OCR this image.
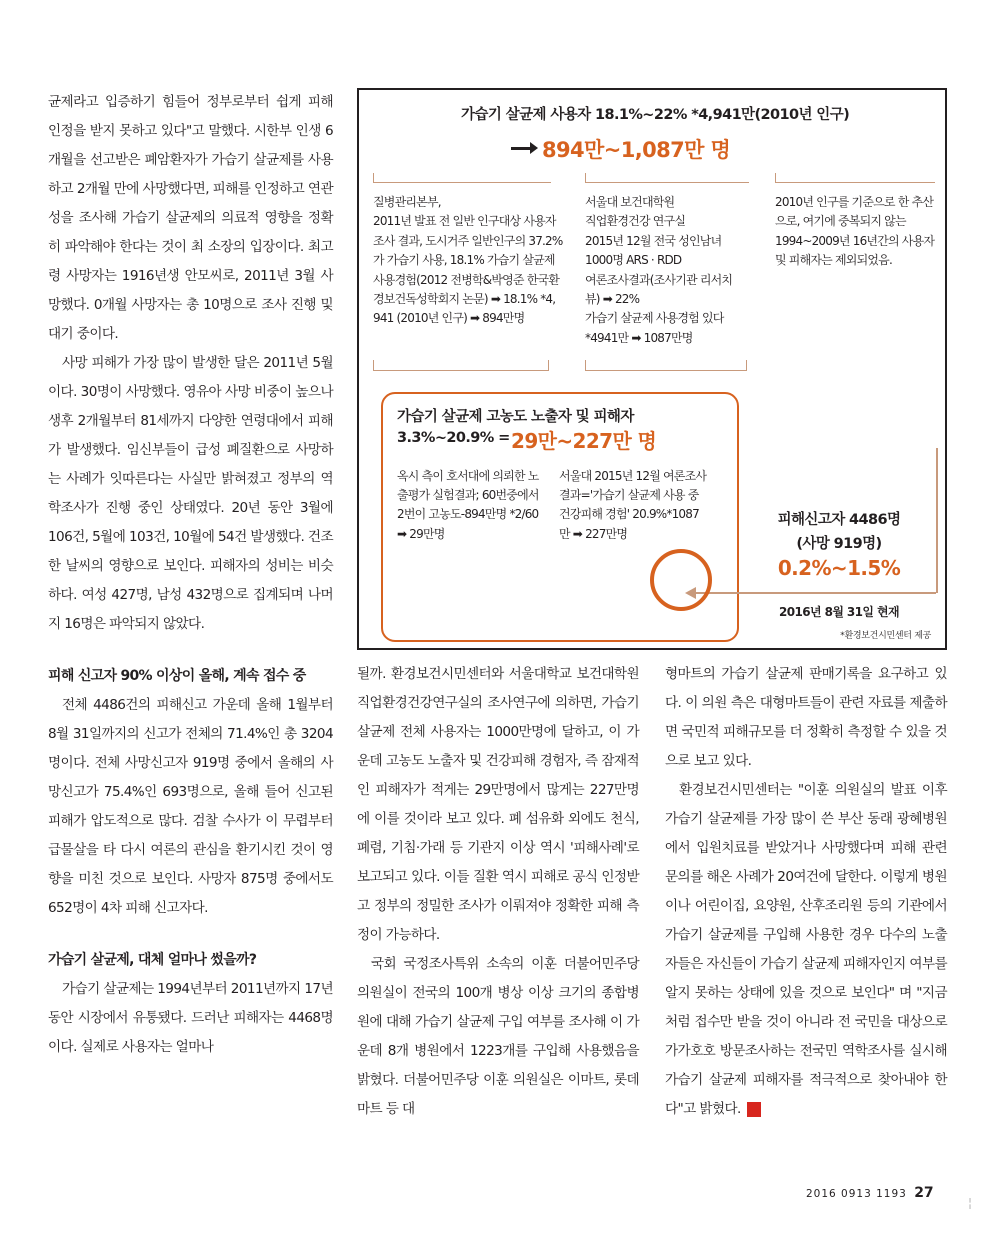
균제라고 입증하기 힘들어 정부로부터 쉽게 피해 인정을 받지 못하고 있다"고 말했다. 시한부 인생 6개월을 선고받은 폐암환자가 가습기 살균제를 사용하고 2개월 만에 사망했다면, 피해를 인정하고 연관성을 조사해 가습기 살균제의 의료적 영향을 정확히 파악해야 한다는 것이 최 소장의 입장이다. 최고령 사망자는 1916년생 안모씨로, 2011년 3월 사망했다. 0개월 사망자는 총 10명으로 조사 진행 및 대기 중이다.

사망 피해가 가장 많이 발생한 달은 2011년 5월이다. 30명이 사망했다. 영유아 사망 비중이 높으나 생후 2개월부터 81세까지 다양한 연령대에서 피해가 발생했다. 임신부들이 급성 폐질환으로 사망하는 사례가 잇따른다는 사실만 밝혀졌고 정부의 역학조사가 진행 중인 상태였다. 20년 동안 3월에 106건, 5월에 103건, 10월에 54건 발생했다. 건조한 날씨의 영향으로 보인다. 피해자의 성비는 비슷하다. 여성 427명, 남성 432명으로 집계되며 나머지 16명은 파악되지 않았다.

피해 신고자 90% 이상이 올해, 계속 접수 중

전체 4486건의 피해신고 가운데 올해 1월부터 8월 31일까지의 신고가 전체의 71.4%인 총 3204명이다. 전체 사망신고자 919명 중에서 올해의 사망신고가 75.4%인 693명으로, 올해 들어 신고된 피해가 압도적으로 많다. 검찰 수사가 이 무렵부터 급물살을 타 다시 여론의 관심을 환기시킨 것이 영향을 미친 것으로 보인다. 사망자 875명 중에서도 652명이 4차 피해 신고자다.

가습기 살균제, 대체 얼마나 썼을까?

가습기 살균제는 1994년부터 2011년까지 17년 동안 시장에서 유통됐다. 드러난 피해자는 4468명이다. 실제로 사용자는 얼마나

가습기 살균제 사용자 18.1%~22% *4,941만(2010년 인구)
894만~1,087만 명
질병관리본부,
2011년 발표 전 일반 인구대상 사용자 조사 결과, 도시거주 일반인구의 37.2%가 가습기 사용, 18.1% 가습기 살균제 사용경험(2012 전병학&박영준 한국환경보건독성학회지 논문) ➡ 18.1% *4, 941 (2010년 인구) ➡ 894만명
서울대 보건대학원
직업환경건강 연구실
2015년 12월 전국 성인남녀 1000명 ARS · RDD
여론조사결과(조사기관 리서치뷰) ➡ 22%
가습기 살균제 사용경험 있다
*4941만 ➡ 1087만명
2010년 인구를 기준으로 한 추산으로, 여기에 중복되지 않는 1994~2009년 16년간의 사용자 및 피해자는 제외되었음.
가습기 살균제 고농도 노출자 및 피해자
3.3%~20.9% = 29만~227만 명
옥시 측이 호서대에 의뢰한 노출평가 실험결과; 60번중에서 2번이 고농도-894만명 *2/60 ➡ 29만명
서울대 2015년 12월 여론조사결과='가습기 살균제 사용 중 건강피해 경험' 20.9%*1087만 ➡ 227만명
피해신고자 4486명
(사망 919명)
0.2%~1.5%
2016년 8월 31일 현재
*환경보건시민센터 제공

될까. 환경보건시민센터와 서울대학교 보건대학원 직업환경건강연구실의 조사연구에 의하면, 가습기 살균제 전체 사용자는 1000만명에 달하고, 이 가운데 고농도 노출자 및 건강피해 경험자, 즉 잠재적인 피해자가 적게는 29만명에서 많게는 227만명에 이를 것이라 보고 있다. 폐 섬유화 외에도 천식, 폐렴, 기침·가래 등 기관지 이상 역시 '피해사례'로 보고되고 있다. 이들 질환 역시 피해로 공식 인정받고 정부의 정밀한 조사가 이뤄져야 정확한 피해 측정이 가능하다.

국회 국정조사특위 소속의 이훈 더불어민주당 의원실이 전국의 100개 병상 이상 크기의 종합병원에 대해 가습기 살균제 구입 여부를 조사해 이 가운데 8개 병원에서 1223개를 구입해 사용했음을 밝혔다. 더불어민주당 이훈 의원실은 이마트, 롯데마트 등 대

형마트의 가습기 살균제 판매기록을 요구하고 있다. 이 의원 측은 대형마트들이 관련 자료를 제출하면 국민적 피해규모를 더 정확히 측정할 수 있을 것으로 보고 있다.

환경보건시민센터는 "이훈 의원실의 발표 이후 가습기 살균제를 가장 많이 쓴 부산 동래 광혜병원에서 입원치료를 받았거나 사망했다며 피해 관련 문의를 해온 사례가 20여건에 달한다. 이렇게 병원이나 어린이집, 요양원, 산후조리원 등의 기관에서 가습기 살균제를 구입해 사용한 경우 다수의 노출자들은 자신들이 가습기 살균제 피해자인지 여부를 알지 못하는 상태에 있을 것으로 보인다" 며 "지금처럼 접수만 받을 것이 아니라 전 국민을 대상으로 가가호호 방문조사하는 전국민 역학조사를 실시해 가습기 살균제 피해자를 적극적으로 찾아내야 한다"고 밝혔다. K

2016 0913 1193 27
¦
